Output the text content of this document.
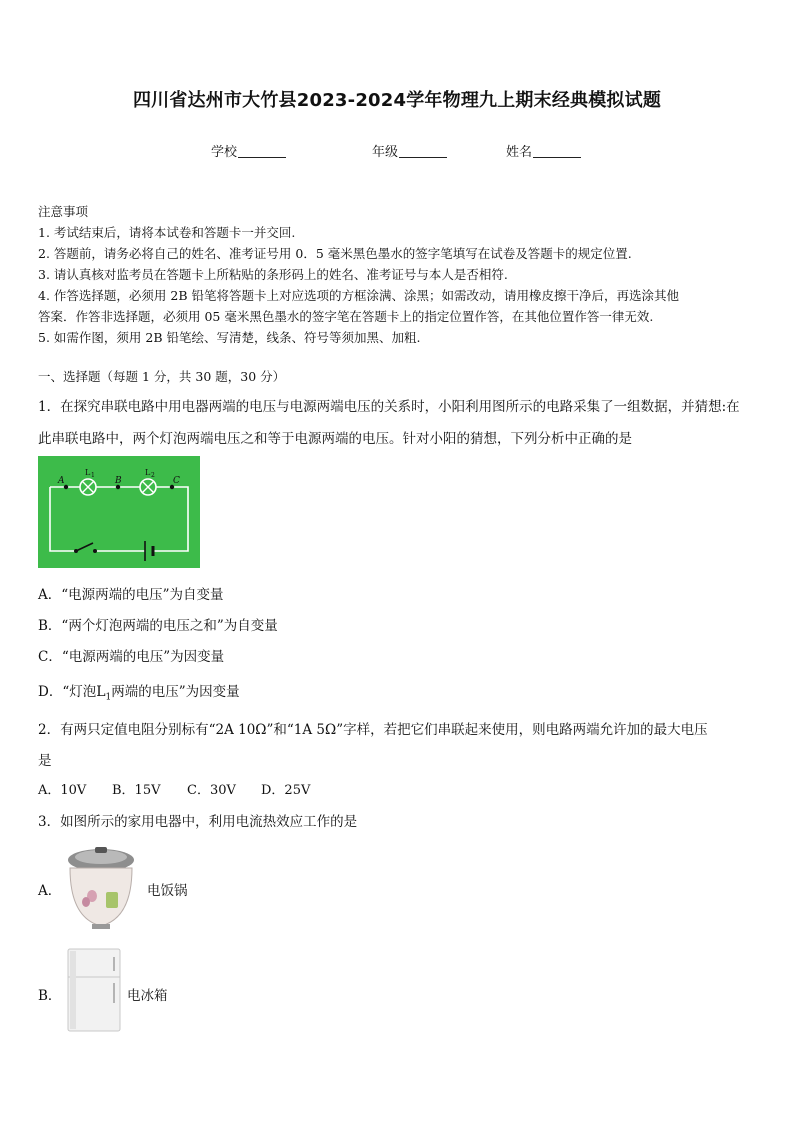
四川省达州市大竹县2023-2024学年物理九上期末经典模拟试题
学校	年级	姓名
注意事项
1. 考试结束后，请将本试卷和答题卡一并交回.
2. 答题前，请务必将自己的姓名、准考证号用 0．5 毫米黑色墨水的签字笔填写在试卷及答题卡的规定位置.
3. 请认真核对监考员在答题卡上所粘贴的条形码上的姓名、准考证号与本人是否相符.
4. 作答选择题，必须用 2B 铅笔将答题卡上对应选项的方框涂满、涂黑；如需改动，请用橡皮擦干净后，再选涂其他
答案．作答非选择题，必须用 05 毫米黑色墨水的签字笔在答题卡上的指定位置作答，在其他位置作答一律无效.
5. 如需作图，须用 2B 铅笔绘、写清楚，线条、符号等须加黑、加粗.
一、选择题（每题 1 分，共 30 题，30 分）
1．在探究串联电路中用电器两端的电压与电源两端电压的关系时，小阳利用图所示的电路采集了一组数据，并猜想:在
此串联电路中，两个灯泡两端电压之和等于电源两端的电压。针对小阳的猜想，下列分析中正确的是
A	B	C
L 1	L 2
A．“电源两端的电压”为自变量
B．“两个灯泡两端的电压之和”为自变量
C．“电源两端的电压”为因变量
D．“灯泡$L_1$两端的电压”为因变量
2．有两只定值电阻分别标有“2A 10Ω”和“1A 5Ω”字样，若把它们串联起来使用，则电路两端允许加的最大电压
是
A．10V B．15V C．30V D．25V
3．如图所示的家用电器中，利用电流热效应工作的是
A．	电饭锅
B．	电冰箱
